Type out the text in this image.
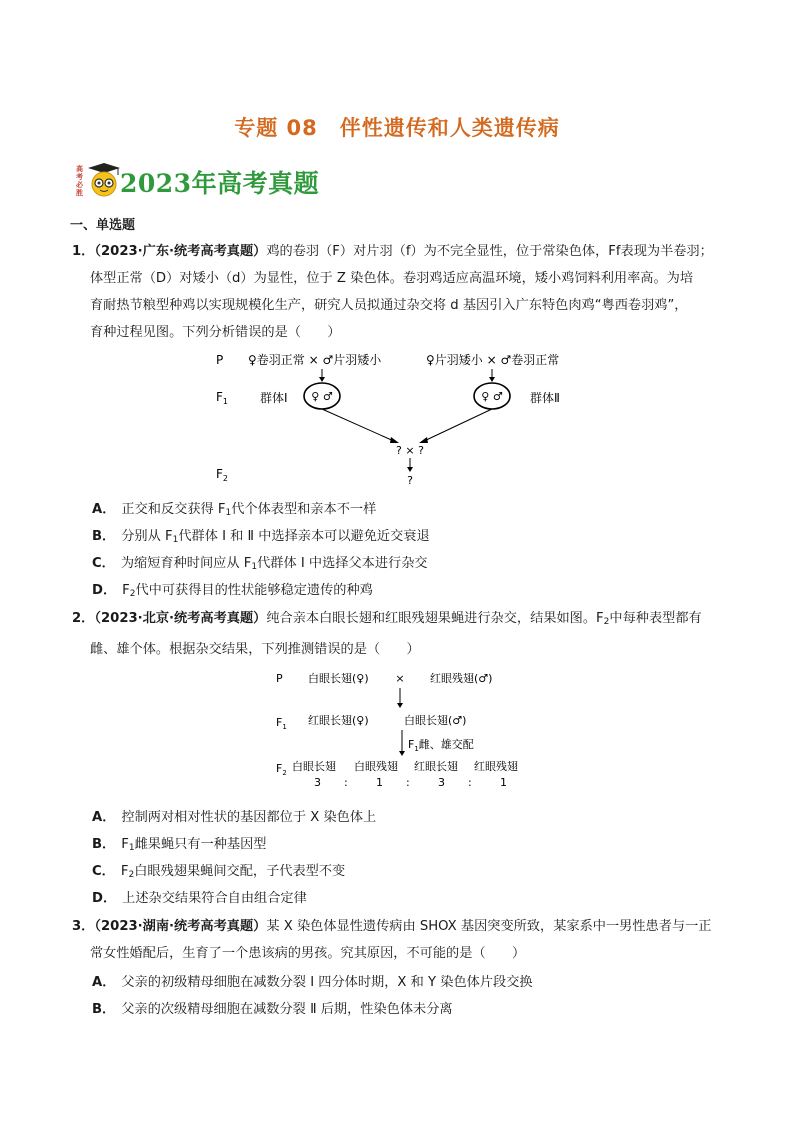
专题 08　伴性遗传和人类遗传病
高
考
必
胜 2023年高考真题
一、单选题
1．（2023·广东·统考高考真题）鸡的卷羽（F）对片羽（f）为不完全显性，位于常染色体，Ff表现为半卷羽；
体型正常（D）对矮小（d）为显性，位于 Z 染色体。卷羽鸡适应高温环境，矮小鸡饲料利用率高。为培
育耐热节粮型种鸡以实现规模化生产，研究人员拟通过杂交将 d 基因引入广东特色肉鸡“粤西卷羽鸡”，
育种过程见图。下列分析错误的是（　　）
P ♀卷羽正常 × ♂片羽矮小	♀片羽矮小 × ♂卷羽正常
$F_1$	群体Ⅰ ♀ ♂	♀ ♂ 群体Ⅱ
? × ?
?
$F_2$
A． 正交和反交获得 $F_1$代个体表型和亲本不一样
B． 分别从 $F_1$代群体 Ⅰ 和 Ⅱ 中选择亲本可以避免近交衰退
C． 为缩短育种时间应从 $F_1$代群体 Ⅰ 中选择父本进行杂交
D． $F_2$代中可获得目的性状能够稳定遗传的种鸡
2．（2023·北京·统考高考真题）纯合亲本白眼长翅和红眼残翅果蝇进行杂交，结果如图。$F_2$中每种表型都有
雌、雄个体。根据杂交结果，下列推测错误的是（　　）
P 白眼长翅(♀) × 红眼残翅(♂)
$F_1$ 红眼长翅(♀)	白眼长翅(♂)
$F_1$雌、雄交配
$F_2$ 白眼长翅 白眼残翅 红眼长翅 红眼残翅
3 :	1 :	3 :	1
A． 控制两对相对性状的基因都位于 X 染色体上
B． $F_1$雌果蝇只有一种基因型
C． $F_2$白眼残翅果蝇间交配，子代表型不变
D． 上述杂交结果符合自由组合定律
3．（2023·湖南·统考高考真题）某 X 染色体显性遗传病由 SHOX 基因突变所致，某家系中一男性患者与一正
常女性婚配后，生育了一个患该病的男孩。究其原因，不可能的是（　　）
A． 父亲的初级精母细胞在减数分裂 Ⅰ 四分体时期，X 和 Y 染色体片段交换
B． 父亲的次级精母细胞在减数分裂 Ⅱ 后期，性染色体未分离
